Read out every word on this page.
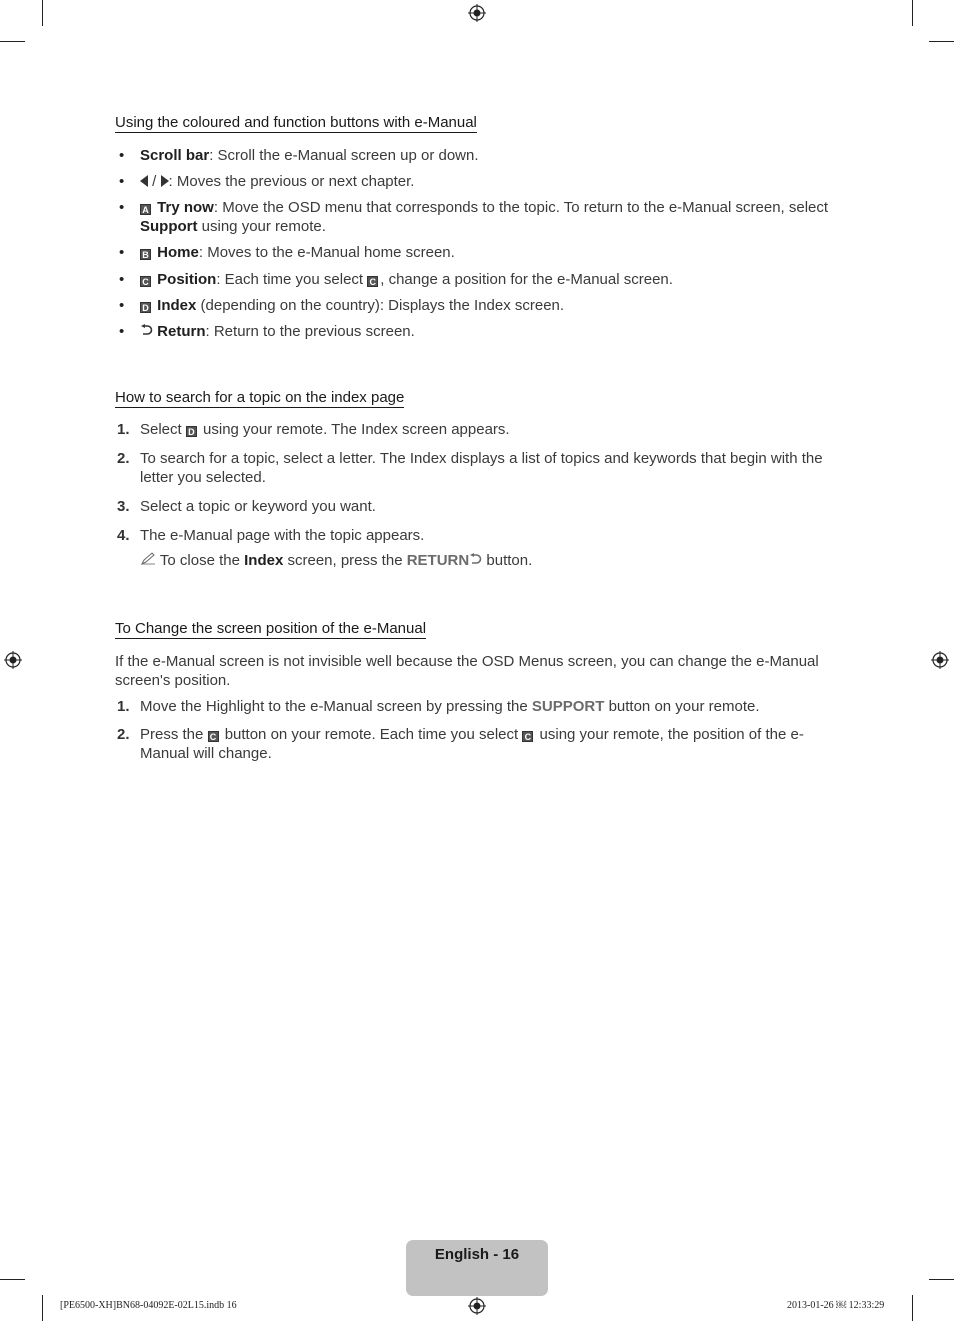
Using the coloured and function buttons with e-Manual
• Scroll bar: Scroll the e-Manual screen up or down.
• / : Moves the previous or next chapter.
• A Try now: Move the OSD menu that corresponds to the topic. To return to the e-Manual screen, select Support using your remote.
• B Home: Moves to the e-Manual home screen.
• C Position: Each time you select C , change a position for the e-Manual screen.
• D Index (depending on the country): Displays the Index screen.
• Return: Return to the previous screen.
How to search for a topic on the index page
1. Select D using your remote. The Index screen appears.
2. To search for a topic, select a letter. The Index displays a list of topics and keywords that begin with the letter you selected.
3. Select a topic or keyword you want.
4. The e-Manual page with the topic appears.
To close the Index screen, press the RETURN button.
To Change the screen position of the e-Manual

If the e-Manual screen is not invisible well because the OSD Menus screen, you can change the e-Manual screen's position.

1. Move the Highlight to the e-Manual screen by pressing the SUPPORT button on your remote.
2. Press the C button on your remote. Each time you select C using your remote, the position of the e-Manual will change.
English - 16
[PE6500-XH]BN68-04092E-02L15.indb 16	2013-01-26 ￼ 12:33:29
